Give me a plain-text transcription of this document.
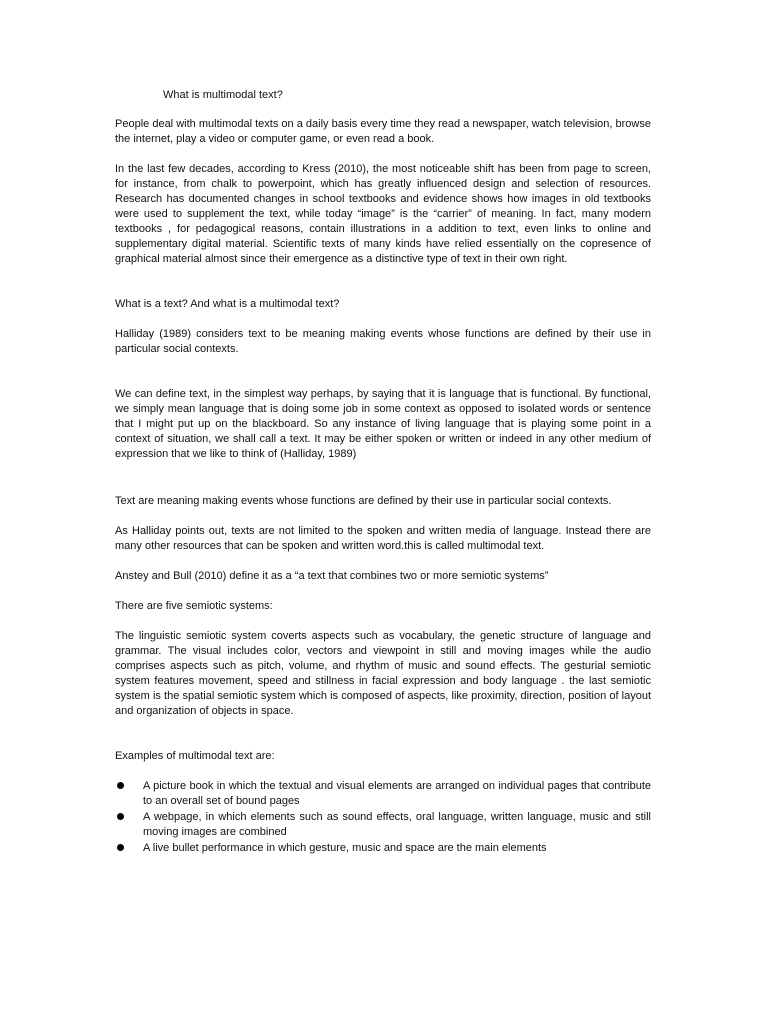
What is multimodal text?

People deal with multimodal texts on a daily basis every time they read a newspaper, watch television, browse the internet, play a video or computer game, or even read a book.

In the last few decades, according to Kress (2010), the most noticeable shift has been from page to screen, for instance, from chalk to powerpoint, which has greatly influenced design and selection of resources. Research has documented changes in school textbooks and evidence shows how images in old textbooks were used to supplement the text, while today “image” is the “carrier” of meaning. In fact, many modern textbooks , for pedagogical reasons, contain illustrations in a addition to text, even links to online and supplementary digital material. Scientific texts of many kinds have relied essentially on the copresence of graphical material almost since their emergence as a distinctive type of text in their own right.

What is a text? And what is a multimodal text?

Halliday (1989) considers text to be meaning making events whose functions are defined by their use in particular social contexts.

We can define text, in the simplest way perhaps, by saying that it is language that is functional. By functional, we simply mean language that is doing some job in some context as opposed to isolated words or sentence that I might put up on the blackboard. So any instance of living language that is playing some point in a context of situation, we shall call a text. It may be either spoken or written or indeed in any other medium of expression that we like to think of (Halliday, 1989)

Text are meaning making events whose functions are defined by their use in particular social contexts.

As Halliday points out, texts are not limited to the spoken and written media of language. Instead there are many other resources that can be spoken and written word.this is called multimodal text.

Anstey and Bull (2010) define it as a “a text that combines two or more semiotic systems”

There are five semiotic systems:

The linguistic semiotic system coverts aspects such as vocabulary, the genetic structure of language and grammar. The visual includes color, vectors and viewpoint in still and moving images while the audio comprises aspects such as pitch, volume, and rhythm of music and sound effects. The gesturial semiotic system features movement, speed and stillness in facial expression and body language . the last semiotic system is the spatial semiotic system which is composed of aspects, like proximity, direction, position of layout and organization of objects in space.

Examples of multimodal text are:

A picture book in which the textual and visual elements are arranged on individual pages that contribute to an overall set of bound pages
A webpage, in which elements such as sound effects, oral language, written language, music and still moving images are combined
A live bullet performance in which gesture, music and space are the main elements
